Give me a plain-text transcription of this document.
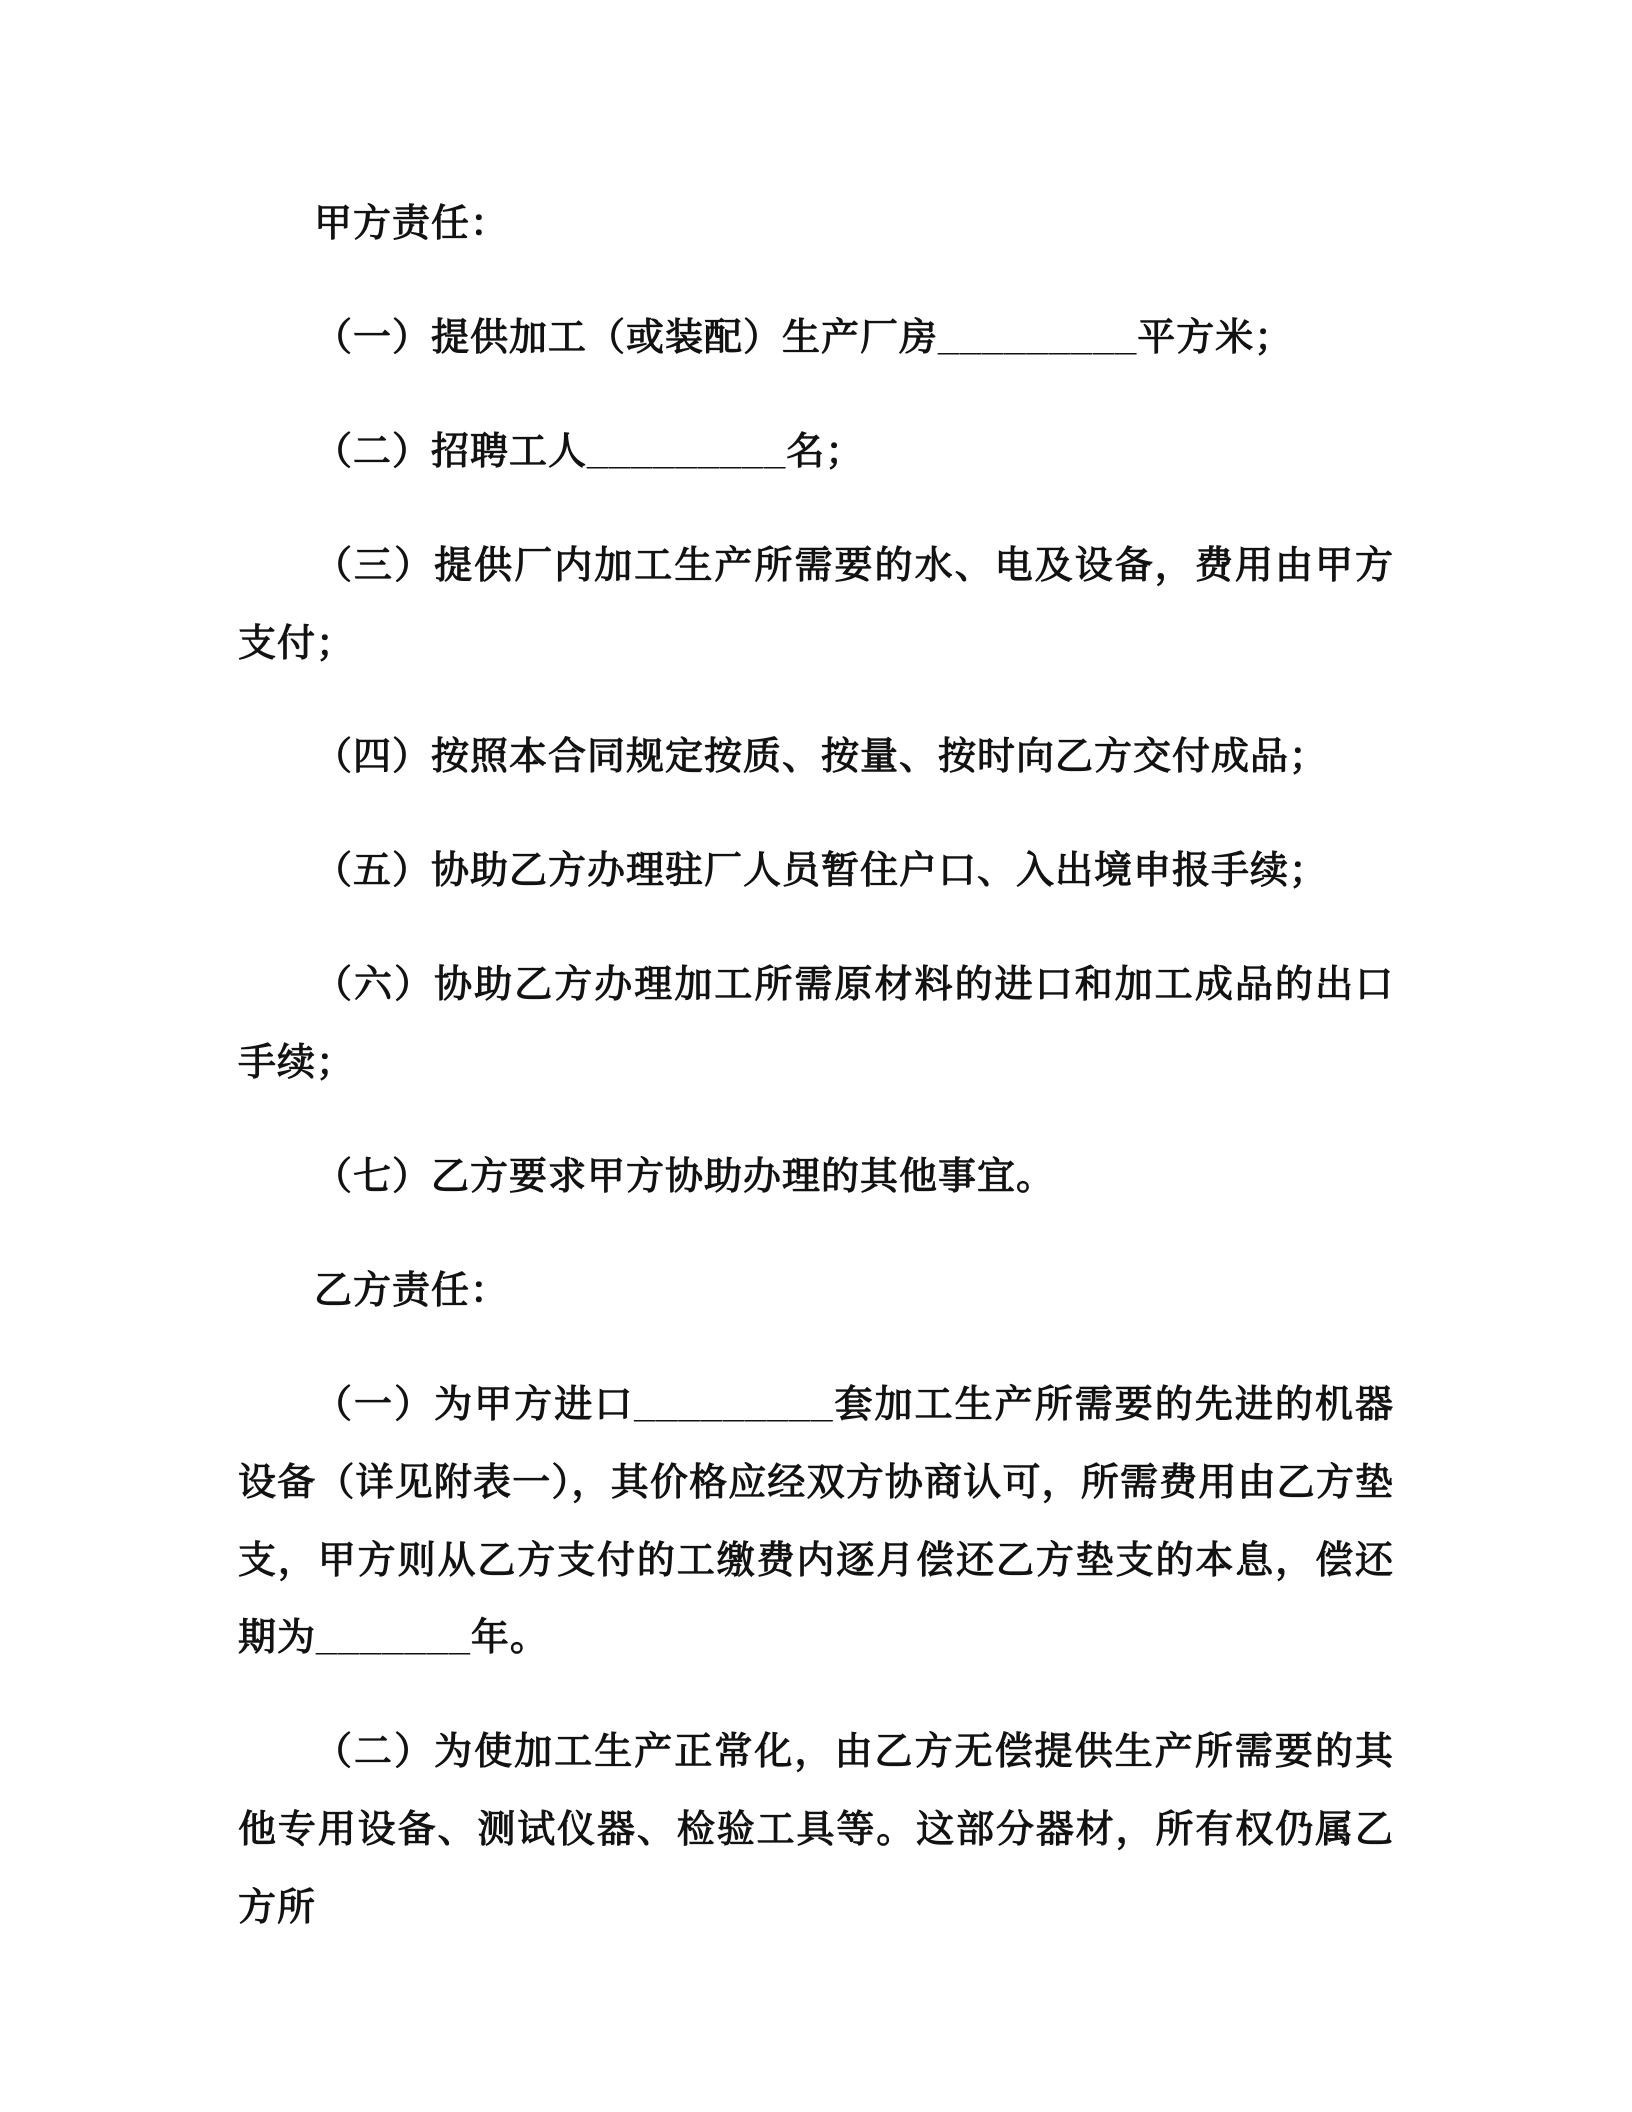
甲方责任：

（一）提供加工（或装配）生产厂房_________平方米；

（二）招聘工人_________名；

（三）提供厂内加工生产所需要的水、电及设备，费用由甲方支付；

（四）按照本合同规定按质、按量、按时向乙方交付成品；

（五）协助乙方办理驻厂人员暂住户口、入出境申报手续；

（六）协助乙方办理加工所需原材料的进口和加工成品的出口手续；

（七）乙方要求甲方协助办理的其他事宜。

乙方责任：

（一）为甲方进口_________套加工生产所需要的先进的机器设备（详见附表一），其价格应经双方协商认可，所需费用由乙方垫支，甲方则从乙方支付的工缴费内逐月偿还乙方垫支的本息，偿还期为_______年。

（二）为使加工生产正常化，由乙方无偿提供生产所需要的其他专用设备、测试仪器、检验工具等。这部分器材，所有权仍属乙方所
